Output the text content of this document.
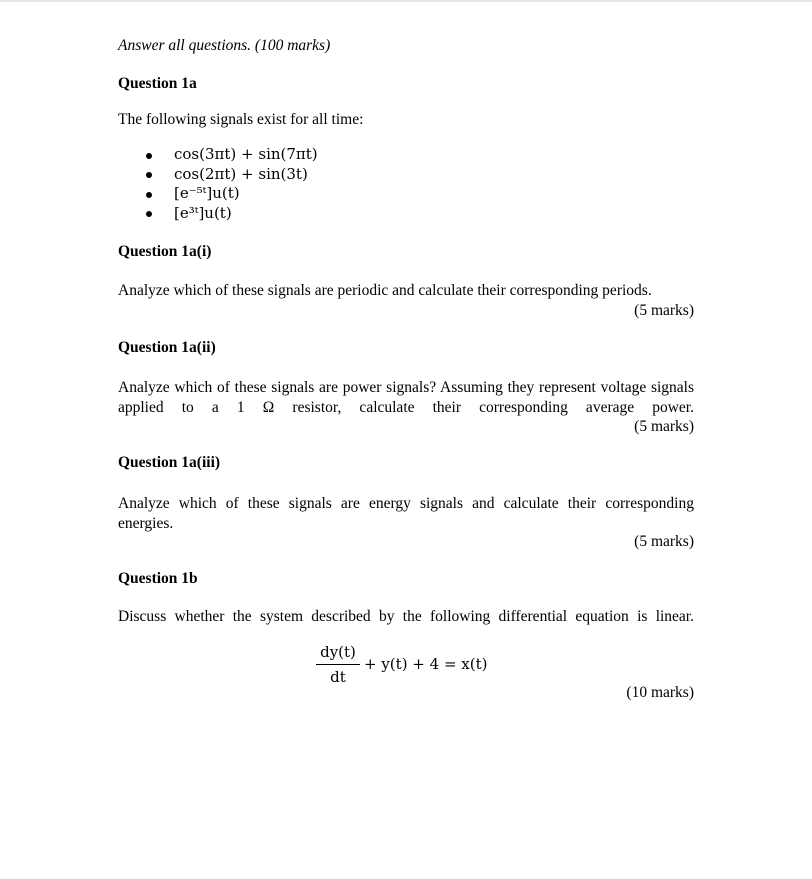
Answer all questions. (100 marks)
Question 1a
The following signals exist for all time:
cos(3πt) + sin(7πt)
cos(2πt) + sin(3t)
[e⁻⁵ᵗ]u(t)
[e³ᵗ]u(t)
Question 1a(i)
Analyze which of these signals are periodic and calculate their corresponding periods.
(5 marks)
Question 1a(ii)
Analyze which of these signals are power signals? Assuming they represent voltage signals applied to a 1 Ω resistor, calculate their corresponding average power.
(5 marks)
Question 1a(iii)
Analyze which of these signals are energy signals and calculate their corresponding energies.
(5 marks)
Question 1b
Discuss whether the system described by the following differential equation is linear.
dy(t)
dt
+ y(t) + 4 = x(t)
(10 marks)
